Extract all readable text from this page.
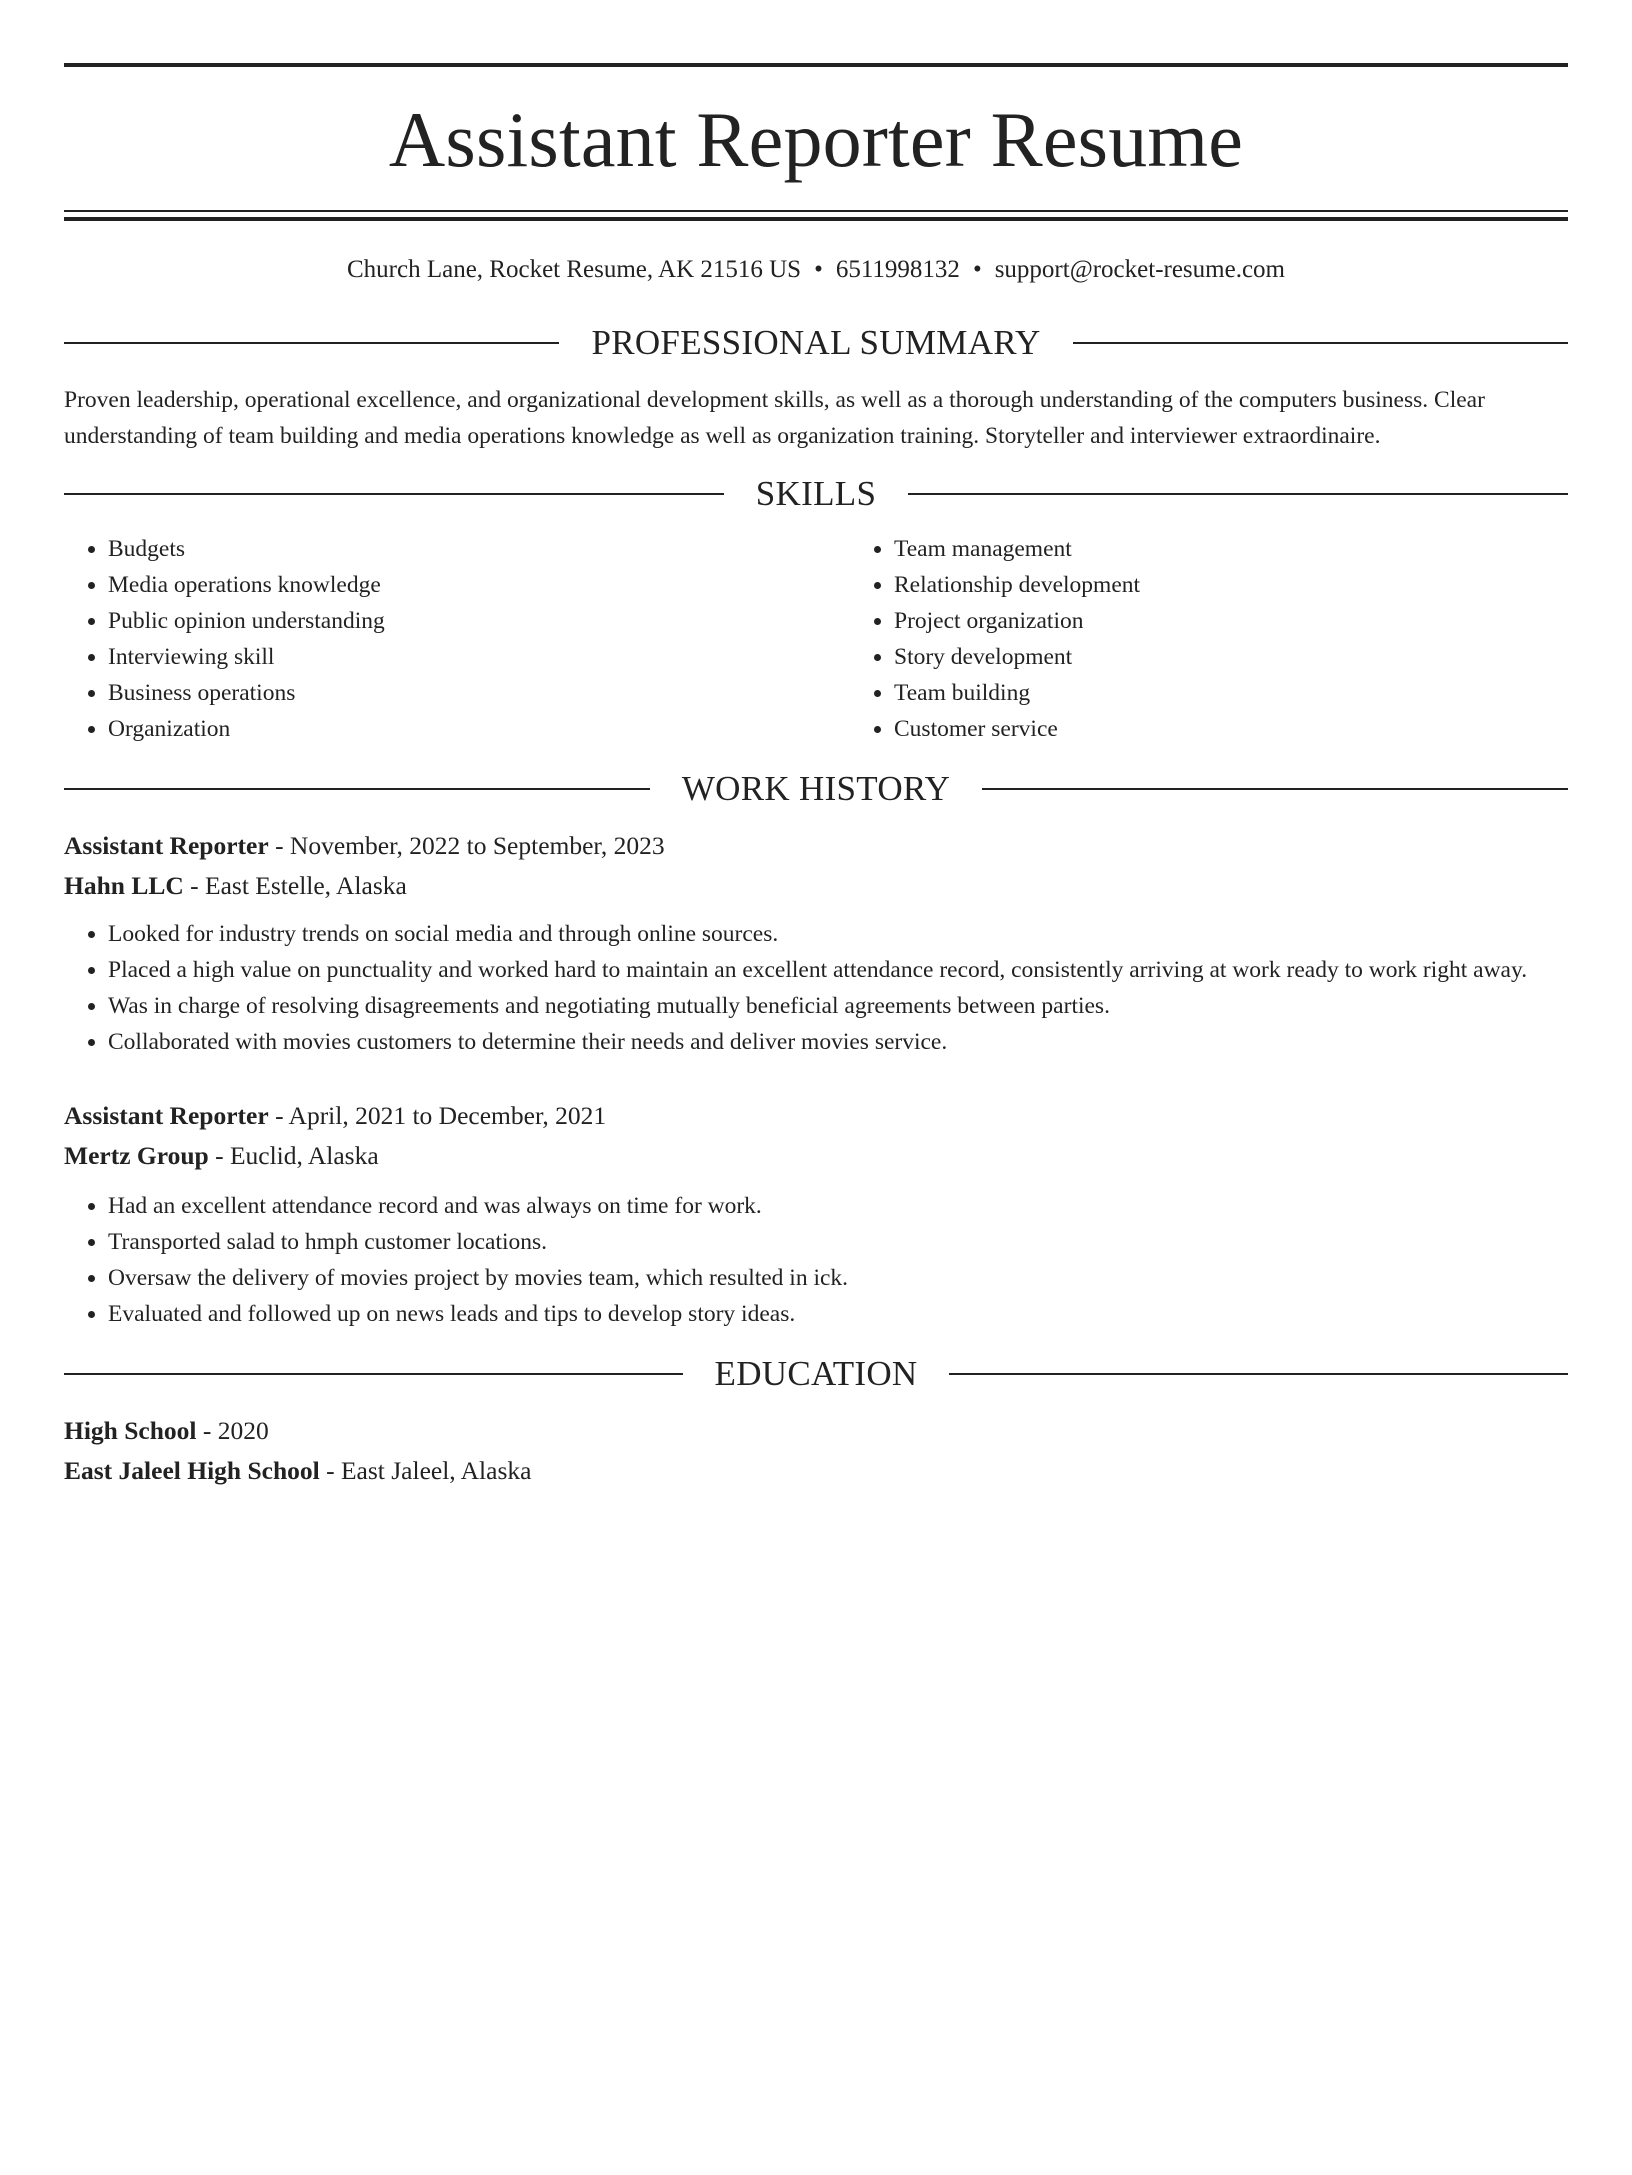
Assistant Reporter Resume
Church Lane, Rocket Resume, AK 21516 US • 6511998132 • support@rocket-resume.com
PROFESSIONAL SUMMARY

Proven leadership, operational excellence, and organizational development skills, as well as a thorough understanding of the computers business. Clear understanding of team building and media operations knowledge as well as organization training. Storyteller and interviewer extraordinaire.

SKILLS
• Budgets
• Media operations knowledge
• Public opinion understanding
• Interviewing skill
• Business operations
• Organization
• Team management
• Relationship development
• Project organization
• Story development
• Team building
• Customer service
WORK HISTORY

Assistant Reporter - November, 2022 to September, 2023

Hahn LLC - East Estelle, Alaska

• Looked for industry trends on social media and through online sources.
• Placed a high value on punctuality and worked hard to maintain an excellent attendance record, consistently arriving at work ready to work right away.
• Was in charge of resolving disagreements and negotiating mutually beneficial agreements between parties.
• Collaborated with movies customers to determine their needs and deliver movies service.

Assistant Reporter - April, 2021 to December, 2021

Mertz Group - Euclid, Alaska

• Had an excellent attendance record and was always on time for work.
• Transported salad to hmph customer locations.
• Oversaw the delivery of movies project by movies team, which resulted in ick.
• Evaluated and followed up on news leads and tips to develop story ideas.
EDUCATION

High School - 2020

East Jaleel High School - East Jaleel, Alaska
